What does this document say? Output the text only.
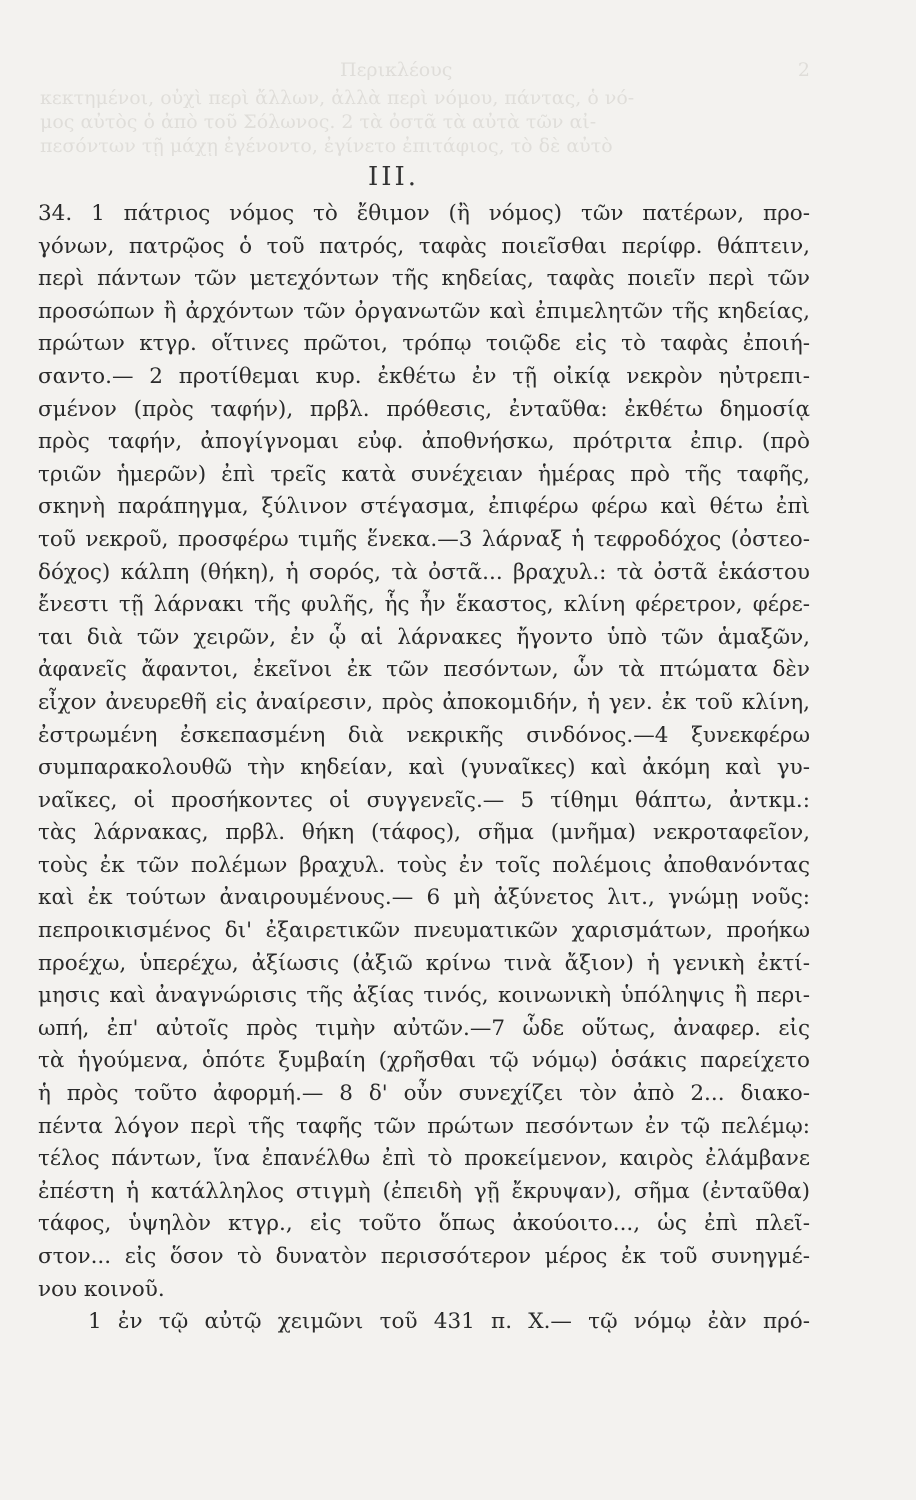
Περικλέους	2
κεκτημένοι, οὐχὶ περὶ ἄλλων, ἀλλὰ περὶ νόμου, πάντας, ὁ νό-
μος αὐτὸς ὁ ἀπὸ τοῦ Σόλωνος. 2 τὰ ὀστᾶ τὰ αὐτὰ τῶν αἰ-
πεσόντων τῇ μάχῃ ἐγένοντο, ἐγίνετο ἐπιτάφιος, τὸ δὲ αὐτὸ
III.
34. 1 πάτριος νόμος τὸ ἔθιμον (ἢ νόμος) τῶν πατέρων, προ-
γόνων, πατρῷος ὁ τοῦ πατρός, ταφὰς ποιεῖσθαι περίφρ. θάπτειν,
περὶ πάντων τῶν μετεχόντων τῆς κηδείας, ταφὰς ποιεῖν περὶ τῶν
προσώπων ἢ ἀρχόντων τῶν ὀργανωτῶν καὶ ἐπιμελητῶν τῆς κηδείας,
πρώτων κτγρ. οἵτινες πρῶτοι, τρόπῳ τοιῷδε εἰς τὸ ταφὰς ἐποιή-
σαντο.— 2 προτίθεμαι κυρ. ἐκθέτω ἐν τῇ οἰκίᾳ νεκρὸν ηὐτρεπι-
σμένον (πρὸς ταφήν), πρβλ. πρόθεσις, ἐνταῦθα: ἐκθέτω δημοσίᾳ
πρὸς ταφήν, ἀπογίγνομαι εὐφ. ἀποθνήσκω, πρότριτα ἐπιρ. (πρὸ
τριῶν ἡμερῶν) ἐπὶ τρεῖς κατὰ συνέχειαν ἡμέρας πρὸ τῆς ταφῆς,
σκηνὴ παράπηγμα, ξύλινον στέγασμα, ἐπιφέρω φέρω καὶ θέτω ἐπὶ
τοῦ νεκροῦ, προσφέρω τιμῆς ἕνεκα.—3 λάρναξ ἡ τεφροδόχος (ὀστεο-
δόχος) κάλπη (θήκη), ἡ σορός, τὰ ὀστᾶ... βραχυλ.: τὰ ὀστᾶ ἑκάστου
ἔνεστι τῇ λάρνακι τῆς φυλῆς, ἧς ἦν ἕκαστος, κλίνη φέρετρον, φέρε-
ται διὰ τῶν χειρῶν, ἐν ᾧ αἱ λάρνακες ἤγοντο ὑπὸ τῶν ἁμαξῶν,
ἀφανεῖς ἄφαντοι, ἐκεῖνοι ἐκ τῶν πεσόντων, ὧν τὰ πτώματα δὲν
εἶχον ἀνευρεθῆ εἰς ἀναίρεσιν, πρὸς ἀποκομιδήν, ἡ γεν. ἐκ τοῦ κλίνη,
ἐστρωμένη ἐσκεπασμένη διὰ νεκρικῆς σινδόνος.—4 ξυνεκφέρω
συμπαρακολουθῶ τὴν κηδείαν, καὶ (γυναῖκες) καὶ ἀκόμη καὶ γυ-
ναῖκες, οἱ προσήκοντες οἱ συγγενεῖς.— 5 τίθημι θάπτω, ἀντκμ.:
τὰς λάρνακας, πρβλ. θήκη (τάφος), σῆμα (μνῆμα) νεκροταφεῖον,
τοὺς ἐκ τῶν πολέμων βραχυλ. τοὺς ἐν τοῖς πολέμοις ἀποθανόντας
καὶ ἐκ τούτων ἀναιρουμένους.— 6 μὴ ἀξύνετος λιτ., γνώμῃ νοῦς:
πεπροικισμένος δι' ἐξαιρετικῶν πνευματικῶν χαρισμάτων, προήκω
προέχω, ὑπερέχω, ἀξίωσις (ἀξιῶ κρίνω τινὰ ἄξιον) ἡ γενικὴ ἐκτί-
μησις καὶ ἀναγνώρισις τῆς ἀξίας τινός, κοινωνικὴ ὑπόληψις ἢ περι-
ωπή, ἐπ' αὐτοῖς πρὸς τιμὴν αὐτῶν.—7 ὧδε οὕτως, ἀναφερ. εἰς
τὰ ἡγούμενα, ὁπότε ξυμβαίη (χρῆσθαι τῷ νόμῳ) ὁσάκις παρείχετο
ἡ πρὸς τοῦτο ἀφορμή.— 8 δ' οὖν συνεχίζει τὸν ἀπὸ 2... διακο-
πέντα λόγον περὶ τῆς ταφῆς τῶν πρώτων πεσόντων ἐν τῷ πελέμῳ:
τέλος πάντων, ἵνα ἐπανέλθω ἐπὶ τὸ προκείμενον, καιρὸς ἐλάμβανε
ἐπέστη ἡ κατάλληλος στιγμὴ (ἐπειδὴ γῇ ἔκρυψαν), σῆμα (ἐνταῦθα)
τάφος, ὑψηλὸν κτγρ., εἰς τοῦτο ὅπως ἀκούοιτο..., ὡς ἐπὶ πλεῖ-
στον... εἰς ὅσον τὸ δυνατὸν περισσότερον μέρος ἐκ τοῦ συνηγμέ-
νου κοινοῦ.
1 ἐν τῷ αὐτῷ χειμῶνι τοῦ 431 π. Χ.— τῷ νόμῳ ἐὰν πρό-
